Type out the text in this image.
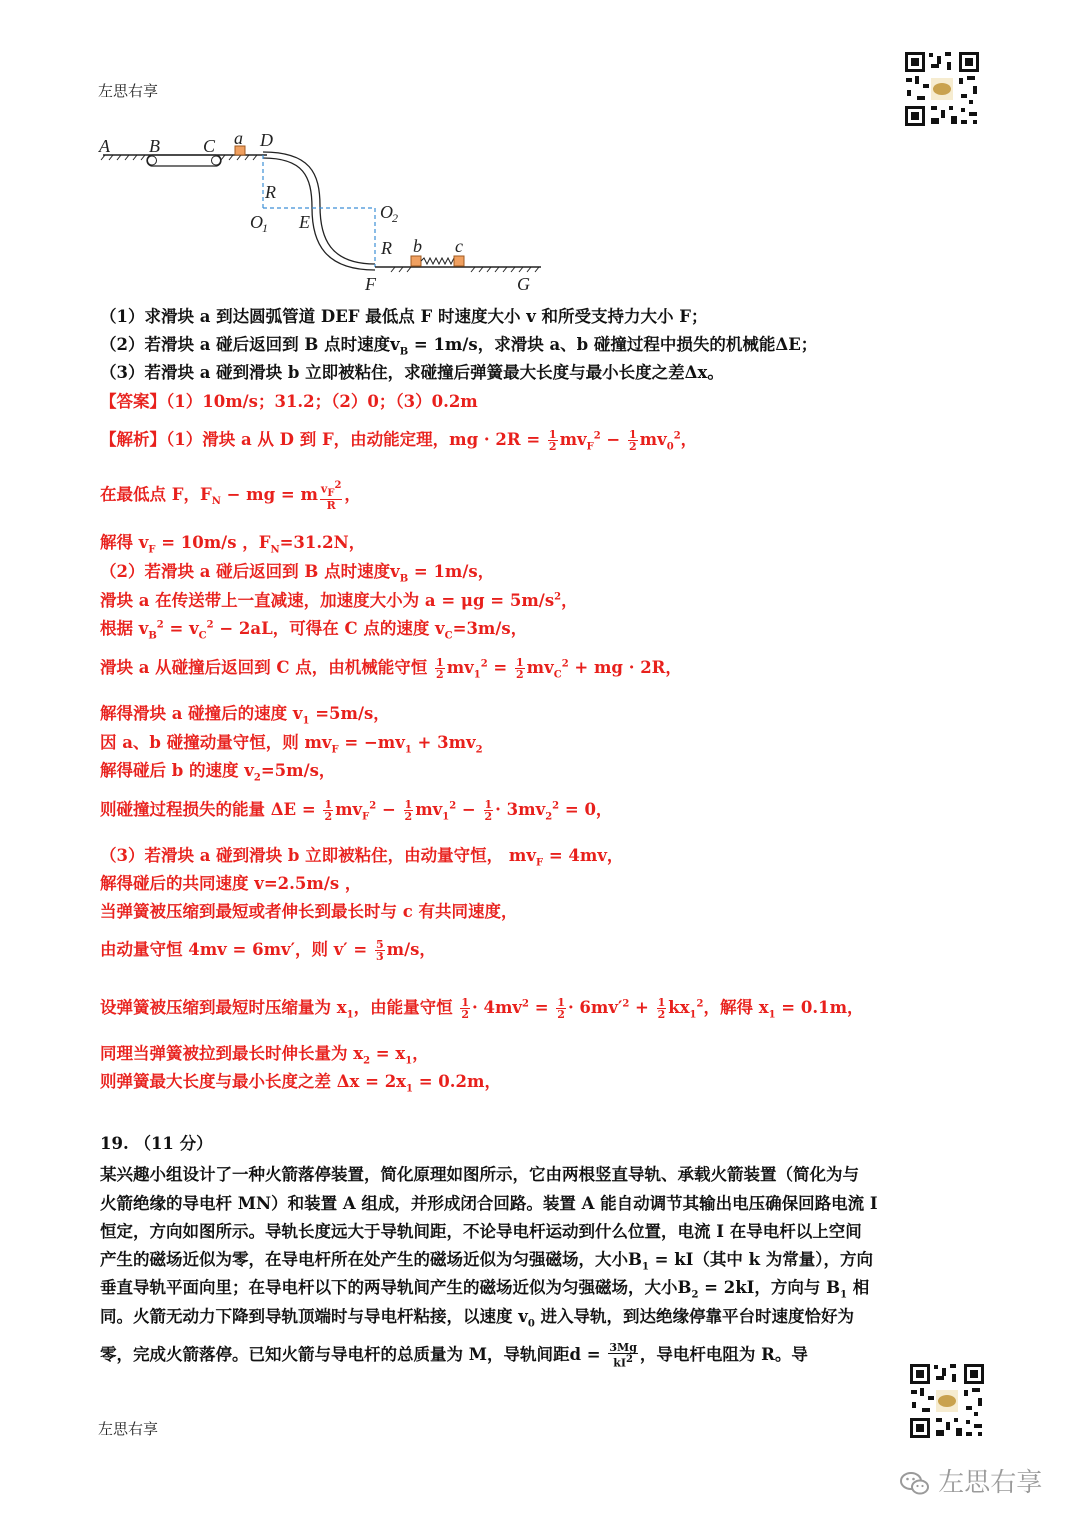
左思右享
A B C a D
R
O 1 E	O 2
R b c
F	G
（1）求滑块 a 到达圆弧管道 DEF 最低点 F 时速度大小 v 和所受支持力大小 F；
（2）若滑块 a 碰后返回到 B 点时速度$v_B = 1m/s$，求滑块 a、b 碰撞过程中损失的机械能ΔE；
（3）若滑块 a 碰到滑块 b 立即被粘住，求碰撞后弹簧最大长度与最小长度之差Δx。
【答案】（1）10m/s；31.2；（2）0；（3）0.2m
【解析】（1）滑块 a 从 D 到 F，由动能定理，mg · $2R = \frac{1}{2} mv_F^2 - \frac{1}{2} mv_0^2$，
在最低点 F，$F_N$ − mg = m $\frac{v_F^2}{R}$ ，
解得 $v_F = 10m/s$ ，$F_N=31.2N$，
（2）若滑块 a 碰后返回到 B 点时速度$v_B = 1m/s$，
滑块 a 在传送带上一直减速，加速度大小为 $a = \mu g = 5m/s^2$，
根据 $v_B^2 = v_C^2 - 2aL$，可得在 C 点的速度 $v_C=3m/s$，
滑块 a 从碰撞后返回到 C 点，由机械能守恒 $\frac{1}{2} mv_1^2 = \frac{1}{2} mv_C^2$ + mg · 2R，
解得滑块 a 碰撞后的速度 $v_1 =5m/s$，
因 a、b 碰撞动量守恒，则 $mv_F = -mv_1 + 3mv_2$
解得碰后 b 的速度 $v_2=5m/s$，
则碰撞过程损失的能量 $\Delta E = \frac{1}{2} mv_F^2 - \frac{1}{2} mv_1^2 - \frac{1}{2} \cdot 3mv_2^2 = 0$，
（3）若滑块 a 碰到滑块 b 立即被粘住，由动量守恒， $mv_F = 4mv$，
解得碰后的共同速度 v=2.5m/s ，
当弹簧被压缩到最短或者伸长到最长时与 c 有共同速度，
由动量守恒 4mv = 6mv′，则 $v' = \frac{5}{3} m/s$，
设弹簧被压缩到最短时压缩量为 $x_1$，由能量守恒 $\frac{1}{2} \cdot 4mv^2 = \frac{1}{2} \cdot 6mv'^2 + \frac{1}{2} kx_1^2$，解得 $x_1 = 0.1m$，
同理当弹簧被拉到最长时伸长量为 $x_2 = x_1$，
则弹簧最大长度与最小长度之差 $\Delta x = 2x_1 = 0.2m$，
19. （11 分）
某兴趣小组设计了一种火箭落停装置，简化原理如图所示，它由两根竖直导轨、承载火箭装置（简化为与
火箭绝缘的导电杆 MN）和装置 A 组成，并形成闭合回路。装置 A 能自动调节其输出电压确保回路电流 I
恒定，方向如图所示。导轨长度远大于导轨间距，不论导电杆运动到什么位置，电流 I 在导电杆以上空间
产生的磁场近似为零，在导电杆所在处产生的磁场近似为匀强磁场，大小$B_1 = kI$（其中 k 为常量），方向
垂直导轨平面向里；在导电杆以下的两导轨间产生的磁场近似为匀强磁场，大小$B_2 = 2kI$，方向与 $B_1$ 相
同。火箭无动力下降到导轨顶端时与导电杆粘接，以速度 $v_0$ 进入导轨，到达绝缘停靠平台时速度恰好为
零，完成火箭落停。已知火箭与导电杆的总质量为 M，导轨间距$d = \frac{3Mg}{kI^2}$ ，导电杆电阻为 R。导
左思右享
左思右享
